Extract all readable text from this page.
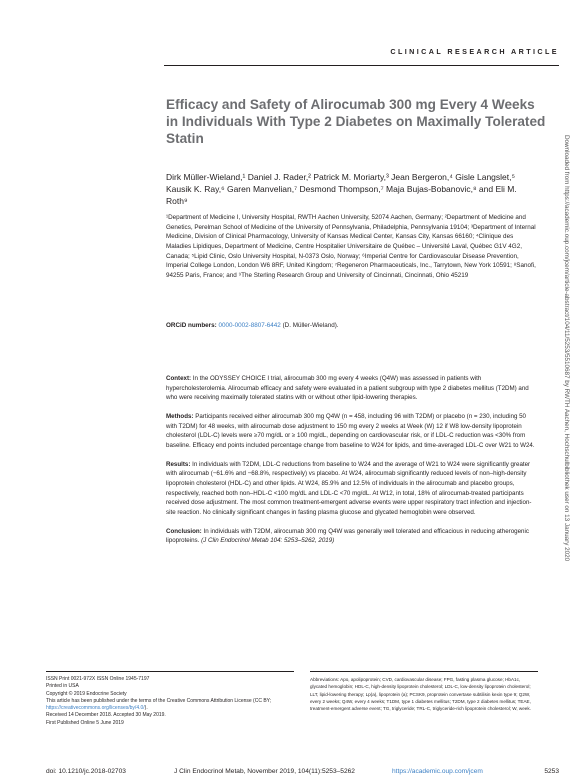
CLINICAL RESEARCH ARTICLE
Efficacy and Safety of Alirocumab 300 mg Every 4 Weeks in Individuals With Type 2 Diabetes on Maximally Tolerated Statin
Dirk Müller-Wieland,¹ Daniel J. Rader,² Patrick M. Moriarty,³ Jean Bergeron,⁴ Gisle Langslet,⁵ Kausik K. Ray,⁶ Garen Manvelian,⁷ Desmond Thompson,⁷ Maja Bujas-Bobanovic,⁸ and Eli M. Roth⁹
¹Department of Medicine I, University Hospital, RWTH Aachen University, 52074 Aachen, Germany; ²Department of Medicine and Genetics, Perelman School of Medicine of the University of Pennsylvania, Philadelphia, Pennsylvania 19104; ³Department of Internal Medicine, Division of Clinical Pharmacology, University of Kansas Medical Center, Kansas City, Kansas 66160; ⁴Clinique des Maladies Lipidiques, Department of Medicine, Centre Hospitalier Universitaire de Québec – Université Laval, Québec G1V 4G2, Canada; ⁵Lipid Clinic, Oslo University Hospital, N-0373 Oslo, Norway; ⁶Imperial Centre for Cardiovascular Disease Prevention, Imperial College London, London W6 8RF, United Kingdom; ⁷Regeneron Pharmaceuticals, Inc., Tarrytown, New York 10591; ⁸Sanofi, 94255 Paris, France; and ⁹The Sterling Research Group and University of Cincinnati, Cincinnati, Ohio 45219
ORCiD numbers: 0000-0002-8807-6442 (D. Müller-Wieland).

Context: In the ODYSSEY CHOICE I trial, alirocumab 300 mg every 4 weeks (Q4W) was assessed in patients with hypercholesterolemia. Alirocumab efficacy and safety were evaluated in a patient subgroup with type 2 diabetes mellitus (T2DM) and who were receiving maximally tolerated statins with or without other lipid-lowering therapies.

Methods: Participants received either alirocumab 300 mg Q4W (n = 458, including 96 with T2DM) or placebo (n = 230, including 50 with T2DM) for 48 weeks, with alirocumab dose adjustment to 150 mg every 2 weeks at Week (W) 12 if W8 low-density lipoprotein cholesterol (LDL-C) levels were ≥70 mg/dL or ≥ 100 mg/dL, depending on cardiovascular risk, or if LDL-C reduction was <30% from baseline. Efficacy end points included percentage change from baseline to W24 for lipids, and time-averaged LDL-C over W21 to W24.

Results: In individuals with T2DM, LDL-C reductions from baseline to W24 and the average of W21 to W24 were significantly greater with alirocumab (−61.6% and −68.8%, respectively) vs placebo. At W24, alirocumab significantly reduced levels of non–high-density lipoprotein cholesterol (HDL-C) and other lipids. At W24, 85.9% and 12.5% of individuals in the alirocumab and placebo groups, respectively, reached both non–HDL-C <100 mg/dL and LDL-C <70 mg/dL. At W12, in total, 18% of alirocumab-treated participants received dose adjustment. The most common treatment-emergent adverse events were upper respiratory tract infection and injection-site reaction. No clinically significant changes in fasting plasma glucose and glycated hemoglobin were observed.

Conclusion: In individuals with T2DM, alirocumab 300 mg Q4W was generally well tolerated and efficacious in reducing atherogenic lipoproteins. (J Clin Endocrinol Metab 104: 5253–5262, 2019)	Downloaded from https://academic.oup.com/jcem/article-abstract/104/11/5253/5510687 by RWTH Aachen, Hochschulbibliothek user on 13 January 2020
ISSN Print 0021-972X ISSN Online 1945-7197
Printed in USA
Copyright © 2019 Endocrine Society
This article has been published under the terms of the Creative Commons Attribution License (CC BY; https://creativecommons.org/licenses/by/4.0/).
Received 14 December 2018. Accepted 30 May 2019.
First Published Online 5 June 2019
Abbreviations: Apo, apolipoprotein; CVD, cardiovascular disease; FPG, fasting plasma glucose; HbA1c, glycated hemoglobin; HDL-C, high-density lipoprotein cholesterol; LDL-C, low-density lipoprotein cholesterol; LLT, lipid-lowering therapy; Lp(a), lipoprotein (a); PCSK9, proprotein convertase subtilisin kexin type 9; Q2W, every 2 weeks; Q4W, every 4 weeks; T1DM, type 1 diabetes mellitus; T2DM, type 2 diabetes mellitus; TEAE, treatment-emergent adverse event; TG, triglyceride; TRL-C, triglyceride-rich lipoprotein cholesterol; W, week.
doi: 10.1210/jc.2018-02703	J Clin Endocrinol Metab, November 2019, 104(11):5253–5262	https://academic.oup.com/jcem	5253
